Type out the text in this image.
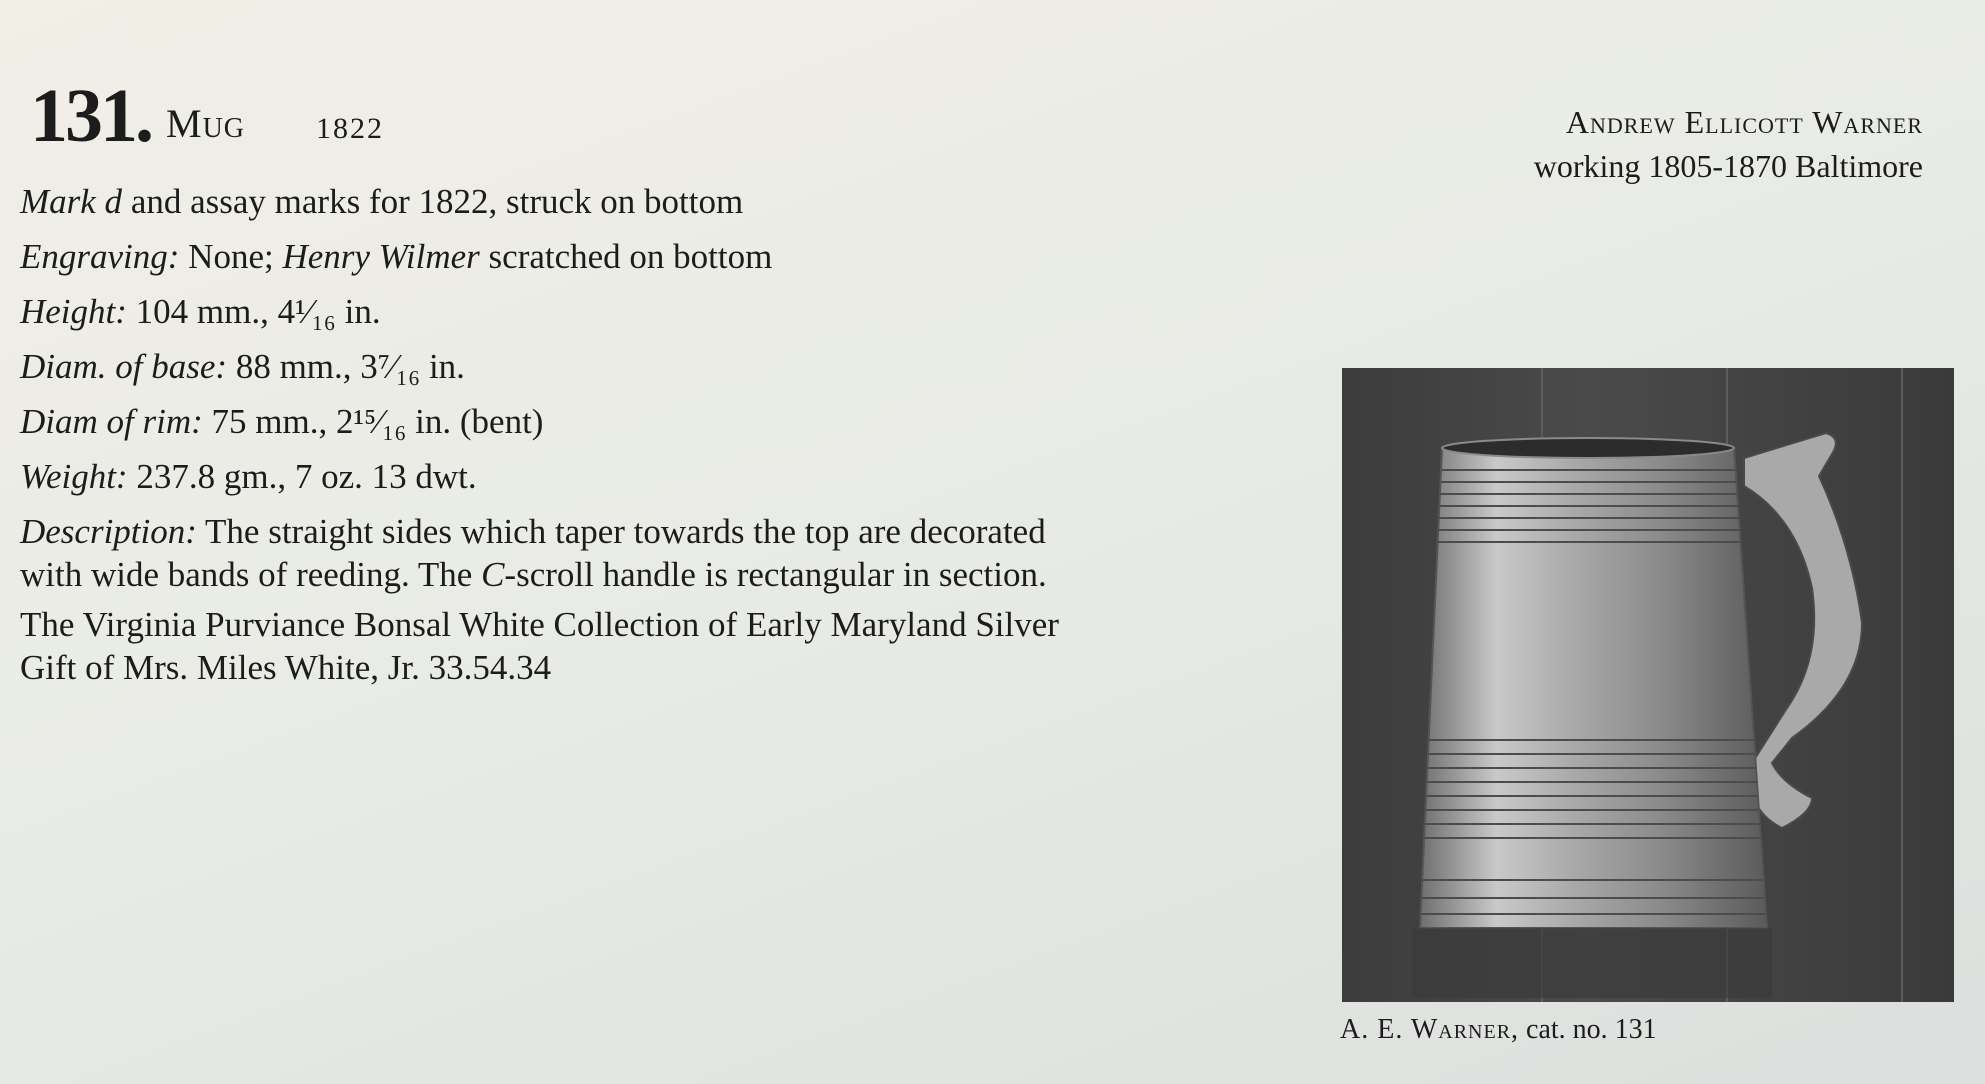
131. Mug 1822	Andrew Ellicott Warner
working 1805-1870 Baltimore
Mark d and assay marks for 1822, struck on bottom
Engraving: None; Henry Wilmer scratched on bottom
Height: 104 mm., 4¹⁄₁₆ in.
Diam. of base: 88 mm., 3⁷⁄₁₆ in.
Diam of rim: 75 mm., 2¹⁵⁄₁₆ in. (bent)
Weight: 237.8 gm., 7 oz. 13 dwt.
Description: The straight sides which taper towards the top are decorated
with wide bands of reeding. The C-scroll handle is rectangular in section.
The Virginia Purviance Bonsal White Collection of Early Maryland Silver
Gift of Mrs. Miles White, Jr. 33.54.34
A. E. Warner, cat. no. 131
